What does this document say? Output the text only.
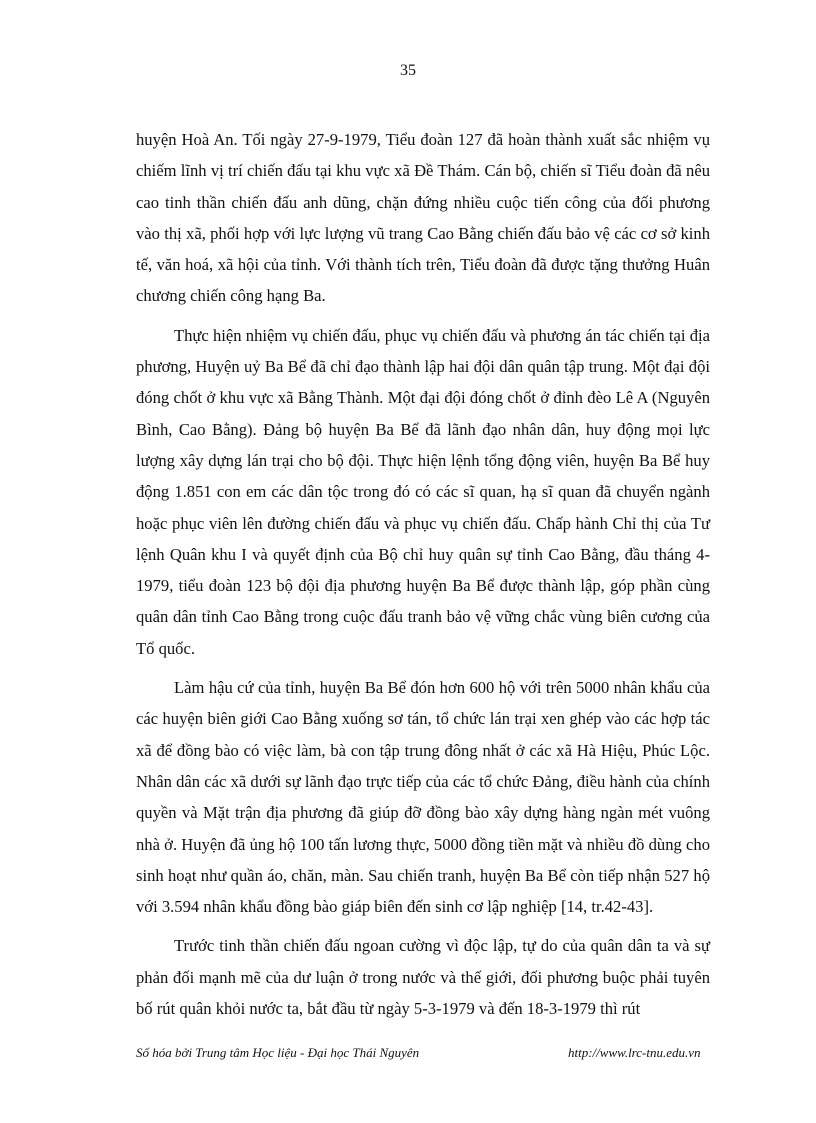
35

huyện Hoà An. Tối ngày 27-9-1979, Tiểu đoàn 127 đã hoàn thành xuất sắc nhiệm vụ chiếm lĩnh vị trí chiến đấu tại khu vực xã Đề Thám. Cán bộ, chiến sĩ Tiểu đoàn đã nêu cao tinh thần chiến đấu anh dũng, chặn đứng nhiều cuộc tiến công của đối phương vào thị xã, phối hợp với lực lượng vũ trang Cao Bằng chiến đấu bảo vệ các cơ sở kinh tế, văn hoá, xã hội của tỉnh. Với thành tích trên, Tiểu đoàn đã được tặng thưởng Huân chương chiến công hạng Ba.

Thực hiện nhiệm vụ chiến đấu, phục vụ chiến đấu và phương án tác chiến tại địa phương, Huyện uỷ Ba Bể đã chỉ đạo thành lập hai đội dân quân tập trung. Một đại đội đóng chốt ở khu vực xã Bằng Thành. Một đại đội đóng chốt ở đỉnh đèo Lê A (Nguyên Bình, Cao Bằng). Đảng bộ huyện Ba Bể đã lãnh đạo nhân dân, huy động mọi lực lượng xây dựng lán trại cho bộ đội. Thực hiện lệnh tổng động viên, huyện Ba Bể huy động 1.851 con em các dân tộc trong đó có các sĩ quan, hạ sĩ quan đã chuyển ngành hoặc phục viên lên đường chiến đấu và phục vụ chiến đấu. Chấp hành Chỉ thị của Tư lệnh Quân khu I và quyết định của Bộ chỉ huy quân sự tỉnh Cao Bằng, đầu tháng 4-1979, tiểu đoàn 123 bộ đội địa phương huyện Ba Bể được thành lập, góp phần cùng quân dân tỉnh Cao Bằng trong cuộc đấu tranh bảo vệ vững chắc vùng biên cương của Tổ quốc.

Làm hậu cứ của tỉnh, huyện Ba Bể đón hơn 600 hộ với trên 5000 nhân khẩu của các huyện biên giới Cao Bằng xuống sơ tán, tổ chức lán trại xen ghép vào các hợp tác xã để đồng bào có việc làm, bà con tập trung đông nhất ở các xã Hà Hiệu, Phúc Lộc. Nhân dân các xã dưới sự lãnh đạo trực tiếp của các tổ chức Đảng, điều hành của chính quyền và Mặt trận địa phương đã giúp đỡ đồng bào xây dựng hàng ngàn mét vuông nhà ở. Huyện đã ủng hộ 100 tấn lương thực, 5000 đồng tiền mặt và nhiều đồ dùng cho sinh hoạt như quần áo, chăn, màn. Sau chiến tranh, huyện Ba Bể còn tiếp nhận 527 hộ với 3.594 nhân khẩu đồng bào giáp biên đến sinh cơ lập nghiệp [14, tr.42-43].

Trước tinh thần chiến đấu ngoan cường vì độc lập, tự do của quân dân ta và sự phản đối mạnh mẽ của dư luận ở trong nước và thế giới, đối phương buộc phải tuyên bố rút quân khỏi nước ta, bắt đầu từ ngày 5-3-1979 và đến 18-3-1979 thì rút

Số hóa bởi Trung tâm Học liệu - Đại học Thái Nguyên	http://www.lrc-tnu.edu.vn
